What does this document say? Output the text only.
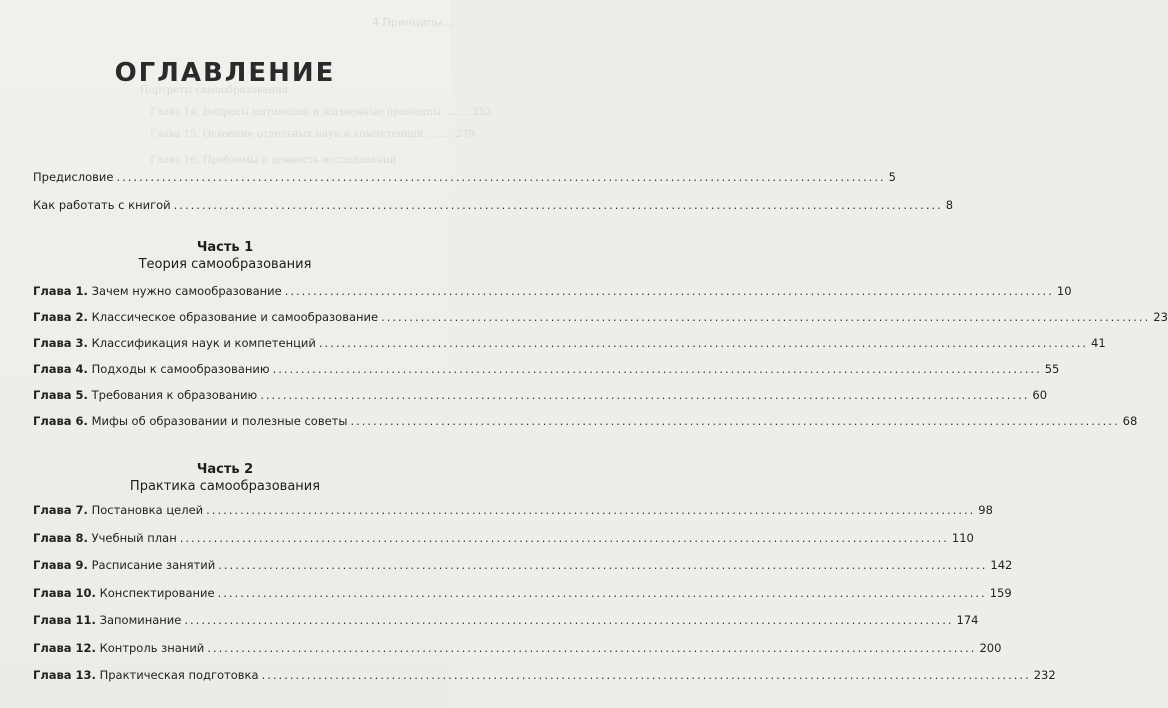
4 Принципы...
Портреты самообразования
Глава 14. Вопросы мотивации и жизненные принципы ........ 252
Глава 15. Освоение отдельных наук и компетенций ........ 279
Глава 16. Проблемы и ценность исследований
ОГЛАВЛЕНИЕ
Предисловие .....	5
Как работать с книгой .....	8
Часть 1
Теория самообразования
Глава 1. Зачем нужно самообразование .....	10
Глава 2. Классическое образование и самообразование .....	23
Глава 3. Классификация наук и компетенций .....	41
Глава 4. Подходы к самообразованию .....	55
Глава 5. Требования к образованию .....	60
Глава 6. Мифы об образовании и полезные советы .....	68
Часть 2
Практика самообразования
Глава 7. Постановка целей .....	98
Глава 8. Учебный план .....	110
Глава 9. Расписание занятий .....	142
Глава 10. Конспектирование .....	159
Глава 11. Запоминание .....	174
Глава 12. Контроль знаний .....	200
Глава 13. Практическая подготовка .....	232
